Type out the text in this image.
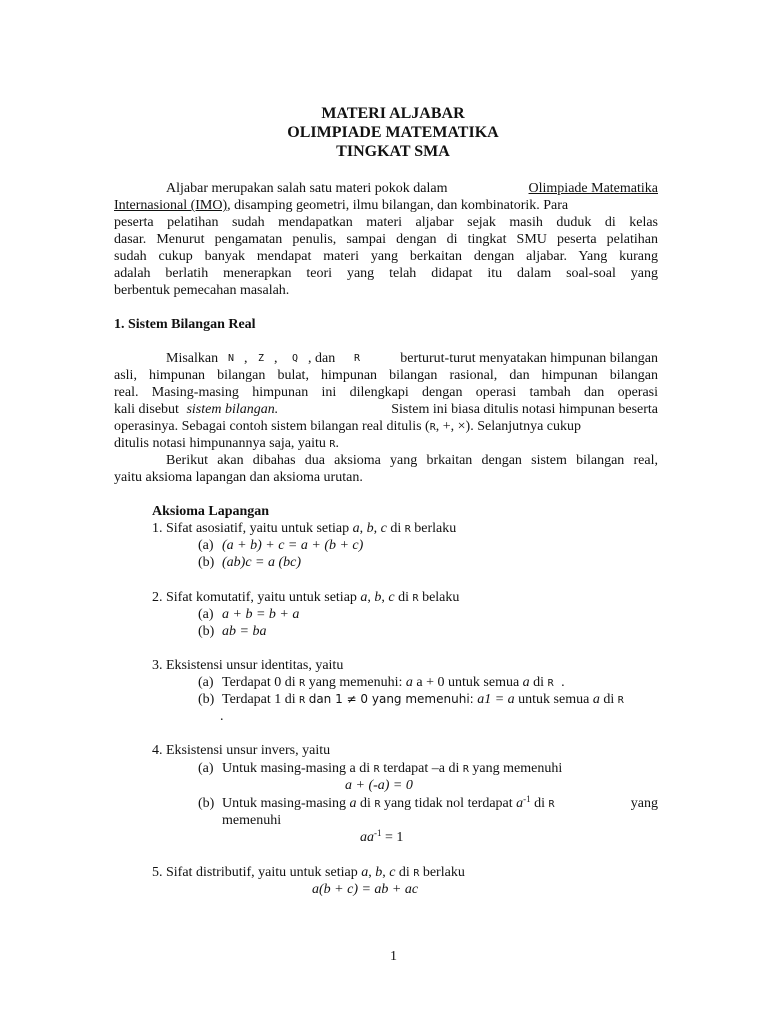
MATERI ALJABAR
OLIMPIADE MATEMATIKA
TINGKAT SMA
Aljabar merupakan salah satu materi pokok dalam	Olimpiade Matematika
Internasional (IMO), disamping geometri, ilmu bilangan, dan kombinatorik. Para
peserta pelatihan sudah mendapatkan materi aljabar sejak masih duduk di kelas
dasar. Menurut pengamatan penulis, sampai dengan di tingkat SMU peserta pelatihan
sudah cukup banyak mendapat materi yang berkaitan dengan aljabar. Yang kurang
adalah berlatih menerapkan teori yang telah didapat itu dalam soal-soal yang
berbentuk pemecahan masalah.
1. Sistem Bilangan Real
Misalkan N , Z , Q , dan R	berturut-turut menyatakan himpunan bilangan
asli, himpunan bilangan bulat, himpunan bilangan rasional, dan himpunan bilangan
real. Masing-masing himpunan ini dilengkapi dengan operasi tambah dan operasi
kali disebut sistem bilangan.	Sistem ini biasa ditulis notasi himpunan beserta
operasinya. Sebagai contoh sistem bilangan real ditulis (R, +, ×). Selanjutnya cukup
ditulis notasi himpunannya saja, yaitu R.
Berikut akan dibahas dua aksioma yang brkaitan dengan sistem bilangan real,
yaitu aksioma lapangan dan aksioma urutan.
Aksioma Lapangan
1. Sifat asosiatif, yaitu untuk setiap a, b, c di R berlaku
(a) (a + b) + c = a + (b + c)
(b) (ab)c = a (bc)
2. Sifat komutatif, yaitu untuk setiap a, b, c di R belaku
(a) a + b = b + a
(b) ab = ba
3. Eksistensi unsur identitas, yaitu
(a) Terdapat 0 di R yang memenuhi: a a + 0 untuk semua a di R .
(b) Terdapat 1 di R dan 1 ≠ 0 yang memenuhi: a1 = a untuk semua a di R
.
4. Eksistensi unsur invers, yaitu
(a) Untuk masing-masing a di R terdapat –a di R yang memenuhi
a + (-a) = 0
(b) Untuk masing-masing a di R yang tidak nol terdapat $a^{-1}$ di R	yang
memenuhi
$aa^{-1} = 1$
5. Sifat distributif, yaitu untuk setiap a, b, c di R berlaku
a(b + c) = ab + ac
1
